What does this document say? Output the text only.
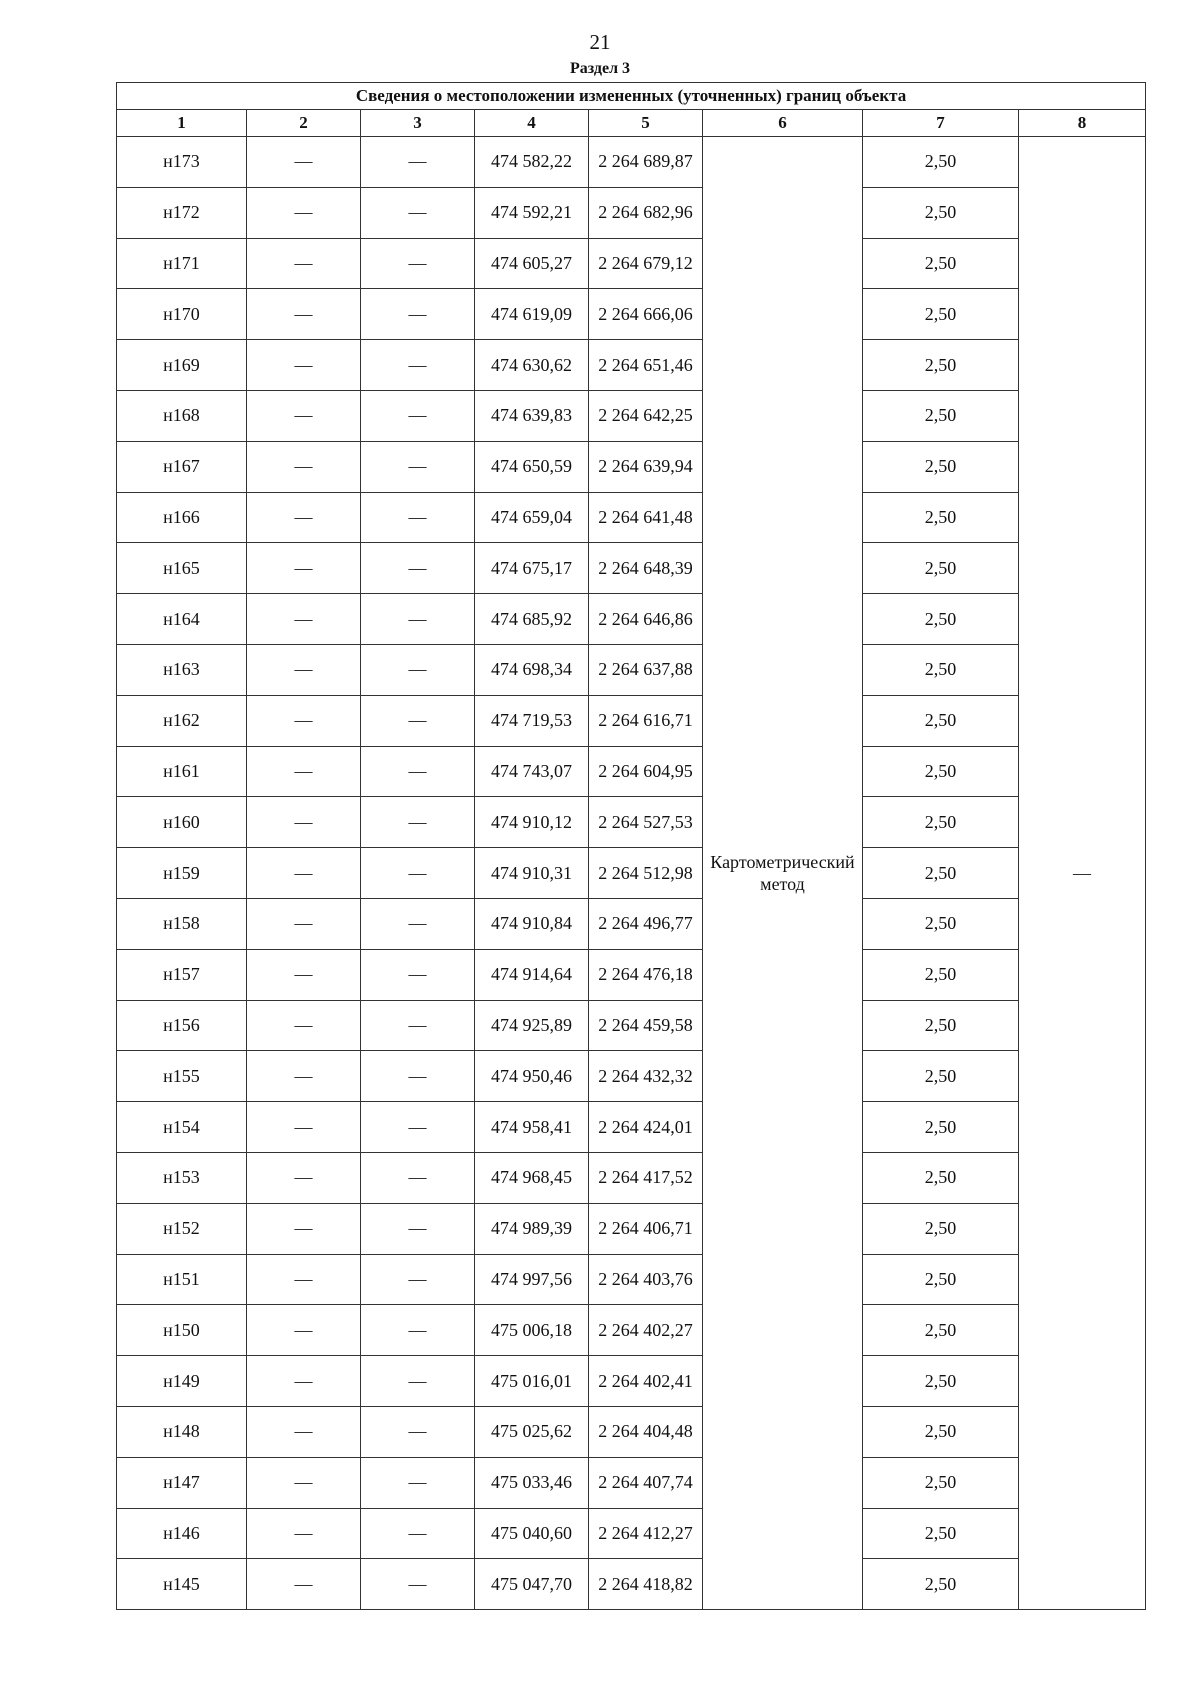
21
Раздел 3
Сведения о местоположении измененных (уточненных) границ объекта							
1	2	3	4	5	6	7	8
н173	—	—	474 582,22	2 264 689,87	Картометрический метод	2,50	—
н172	—	—	474 592,21	2 264 682,96		2,50	
н171	—	—	474 605,27	2 264 679,12		2,50	
н170	—	—	474 619,09	2 264 666,06		2,50	
н169	—	—	474 630,62	2 264 651,46		2,50	
н168	—	—	474 639,83	2 264 642,25		2,50	
н167	—	—	474 650,59	2 264 639,94		2,50	
н166	—	—	474 659,04	2 264 641,48		2,50	
н165	—	—	474 675,17	2 264 648,39		2,50	
н164	—	—	474 685,92	2 264 646,86		2,50	
н163	—	—	474 698,34	2 264 637,88		2,50	
н162	—	—	474 719,53	2 264 616,71		2,50	
н161	—	—	474 743,07	2 264 604,95		2,50	
н160	—	—	474 910,12	2 264 527,53		2,50	
н159	—	—	474 910,31	2 264 512,98		2,50	
н158	—	—	474 910,84	2 264 496,77		2,50	
н157	—	—	474 914,64	2 264 476,18		2,50	
н156	—	—	474 925,89	2 264 459,58		2,50	
н155	—	—	474 950,46	2 264 432,32		2,50	
н154	—	—	474 958,41	2 264 424,01		2,50	
н153	—	—	474 968,45	2 264 417,52		2,50	
н152	—	—	474 989,39	2 264 406,71		2,50	
н151	—	—	474 997,56	2 264 403,76		2,50	
н150	—	—	475 006,18	2 264 402,27		2,50	
н149	—	—	475 016,01	2 264 402,41		2,50	
н148	—	—	475 025,62	2 264 404,48		2,50	
н147	—	—	475 033,46	2 264 407,74		2,50	
н146	—	—	475 040,60	2 264 412,27		2,50	
н145	—	—	475 047,70	2 264 418,82		2,50	
